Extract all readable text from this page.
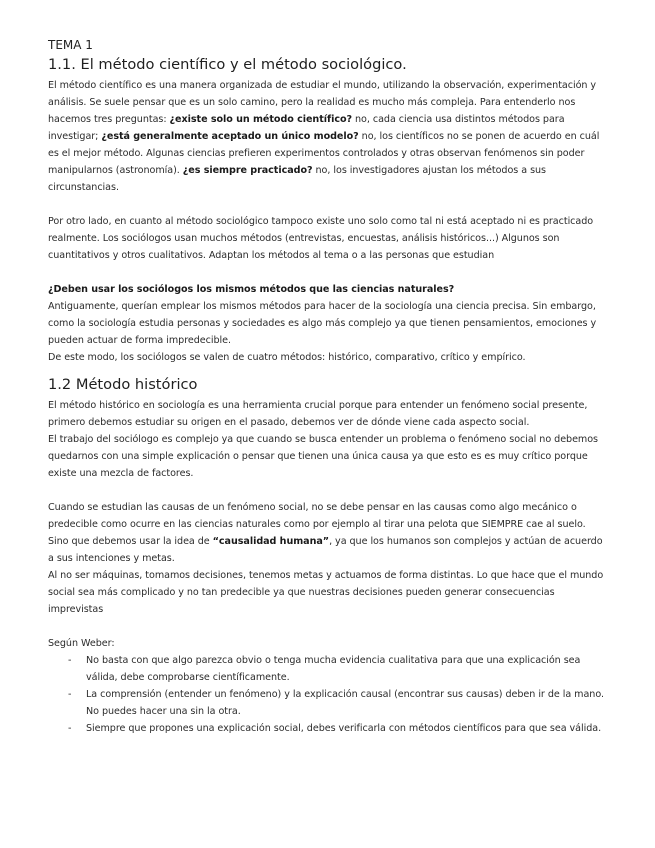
TEMA 1
1.1. El método científico y el método sociológico.

El método científico es una manera organizada de estudiar el mundo, utilizando la observación, experimentación y análisis. Se suele pensar que es un solo camino, pero la realidad es mucho más compleja. Para entenderlo nos hacemos tres preguntas: ¿existe solo un método científico? no, cada ciencia usa distintos métodos para investigar; ¿está generalmente aceptado un único modelo? no, los científicos no se ponen de acuerdo en cuál es el mejor método. Algunas ciencias prefieren experimentos controlados y otras observan fenómenos sin poder manipularnos (astronomía). ¿es siempre practicado? no, los investigadores ajustan los métodos a sus circunstancias.

Por otro lado, en cuanto al método sociológico tampoco existe uno solo como tal ni está aceptado ni es practicado realmente. Los sociólogos usan muchos métodos (entrevistas, encuestas, análisis históricos...) Algunos son cuantitativos y otros cualitativos. Adaptan los métodos al tema o a las personas que estudian

¿Deben usar los sociólogos los mismos métodos que las ciencias naturales?

Antiguamente, querían emplear los mismos métodos para hacer de la sociología una ciencia precisa. Sin embargo, como la sociología estudia personas y sociedades es algo más complejo ya que tienen pensamientos, emociones y pueden actuar de forma impredecible.

De este modo, los sociólogos se valen de cuatro métodos: histórico, comparativo, crítico y empírico.

1.2 Método histórico

El método histórico en sociología es una herramienta crucial porque para entender un fenómeno social presente, primero debemos estudiar su origen en el pasado, debemos ver de dónde viene cada aspecto social.

El trabajo del sociólogo es complejo ya que cuando se busca entender un problema o fenómeno social no debemos quedarnos con una simple explicación o pensar que tienen una única causa ya que esto es es muy crítico porque existe una mezcla de factores.

Cuando se estudian las causas de un fenómeno social, no se debe pensar en las causas como algo mecánico o predecible como ocurre en las ciencias naturales como por ejemplo al tirar una pelota que SIEMPRE cae al suelo. Sino que debemos usar la idea de “causalidad humana”, ya que los humanos son complejos y actúan de acuerdo a sus intenciones y metas.

Al no ser máquinas, tomamos decisiones, tenemos metas y actuamos de forma distintas. Lo que hace que el mundo social sea más complicado y no tan predecible ya que nuestras decisiones pueden generar consecuencias imprevistas

Según Weber:

- No basta con que algo parezca obvio o tenga mucha evidencia cualitativa para que una explicación sea válida, debe comprobarse científicamente.
- La comprensión (entender un fenómeno) y la explicación causal (encontrar sus causas) deben ir de la mano. No puedes hacer una sin la otra.
- Siempre que propones una explicación social, debes verificarla con métodos científicos para que sea válida.
